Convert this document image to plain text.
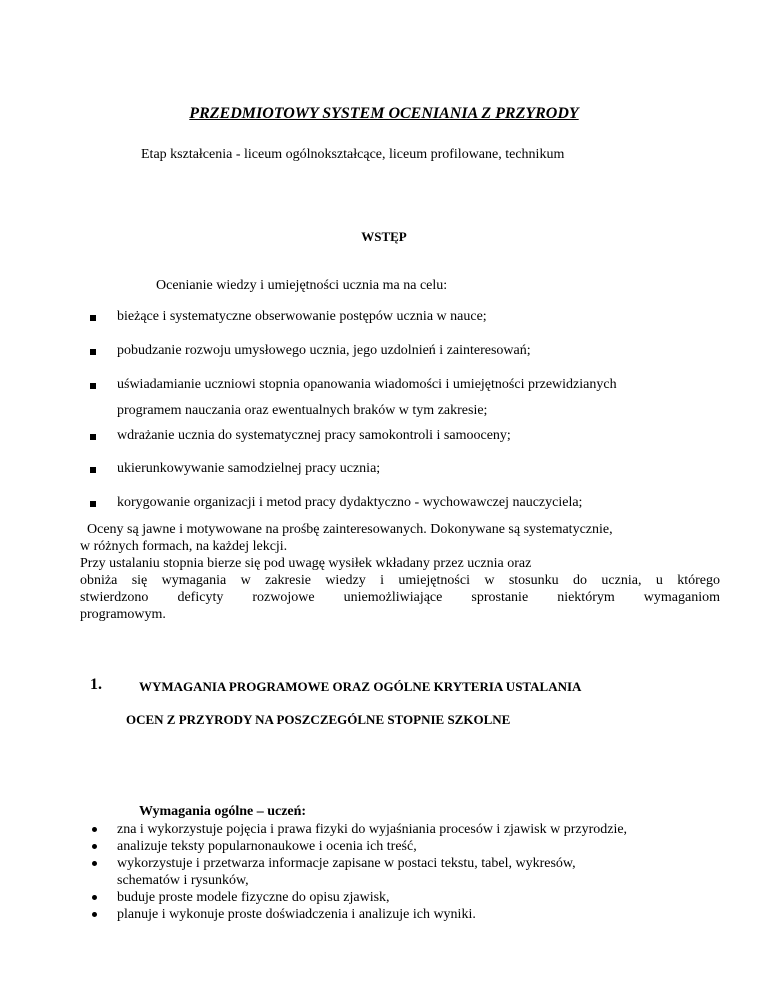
PRZEDMIOTOWY SYSTEM OCENIANIA Z PRZYRODY
Etap kształcenia - liceum ogólnokształcące, liceum profilowane, technikum
WSTĘP
Ocenianie wiedzy i umiejętności ucznia ma na celu:
bieżące i systematyczne obserwowanie postępów ucznia w nauce;
pobudzanie rozwoju umysłowego ucznia, jego uzdolnień i zainteresowań;
uświadamianie uczniowi stopnia opanowania wiadomości i umiejętności przewidzianych
programem nauczania oraz ewentualnych braków w tym zakresie;
wdrażanie ucznia do systematycznej pracy samokontroli i samooceny;
ukierunkowywanie samodzielnej pracy ucznia;
korygowanie organizacji i metod pracy dydaktyczno - wychowawczej nauczyciela;
Oceny są jawne i motywowane na prośbę zainteresowanych. Dokonywane są systematycznie,
w różnych formach, na każdej lekcji.
Przy ustalaniu stopnia bierze się pod uwagę wysiłek wkładany przez ucznia oraz
obniża się wymagania w zakresie wiedzy i umiejętności w stosunku do ucznia, u którego
stwierdzono deficyty rozwojowe uniemożliwiające sprostanie niektórym wymaganiom
programowym.
1.	WYMAGANIA PROGRAMOWE ORAZ OGÓLNE KRYTERIA USTALANIA
OCEN Z PRZYRODY NA POSZCZEGÓLNE STOPNIE SZKOLNE
Wymagania ogólne – uczeń:
zna i wykorzystuje pojęcia i prawa fizyki do wyjaśniania procesów i zjawisk w przyrodzie,
analizuje teksty popularnonaukowe i ocenia ich treść,
wykorzystuje i przetwarza informacje zapisane w postaci tekstu, tabel, wykresów,
schematów i rysunków,
buduje proste modele fizyczne do opisu zjawisk,
planuje i wykonuje proste doświadczenia i analizuje ich wyniki.
